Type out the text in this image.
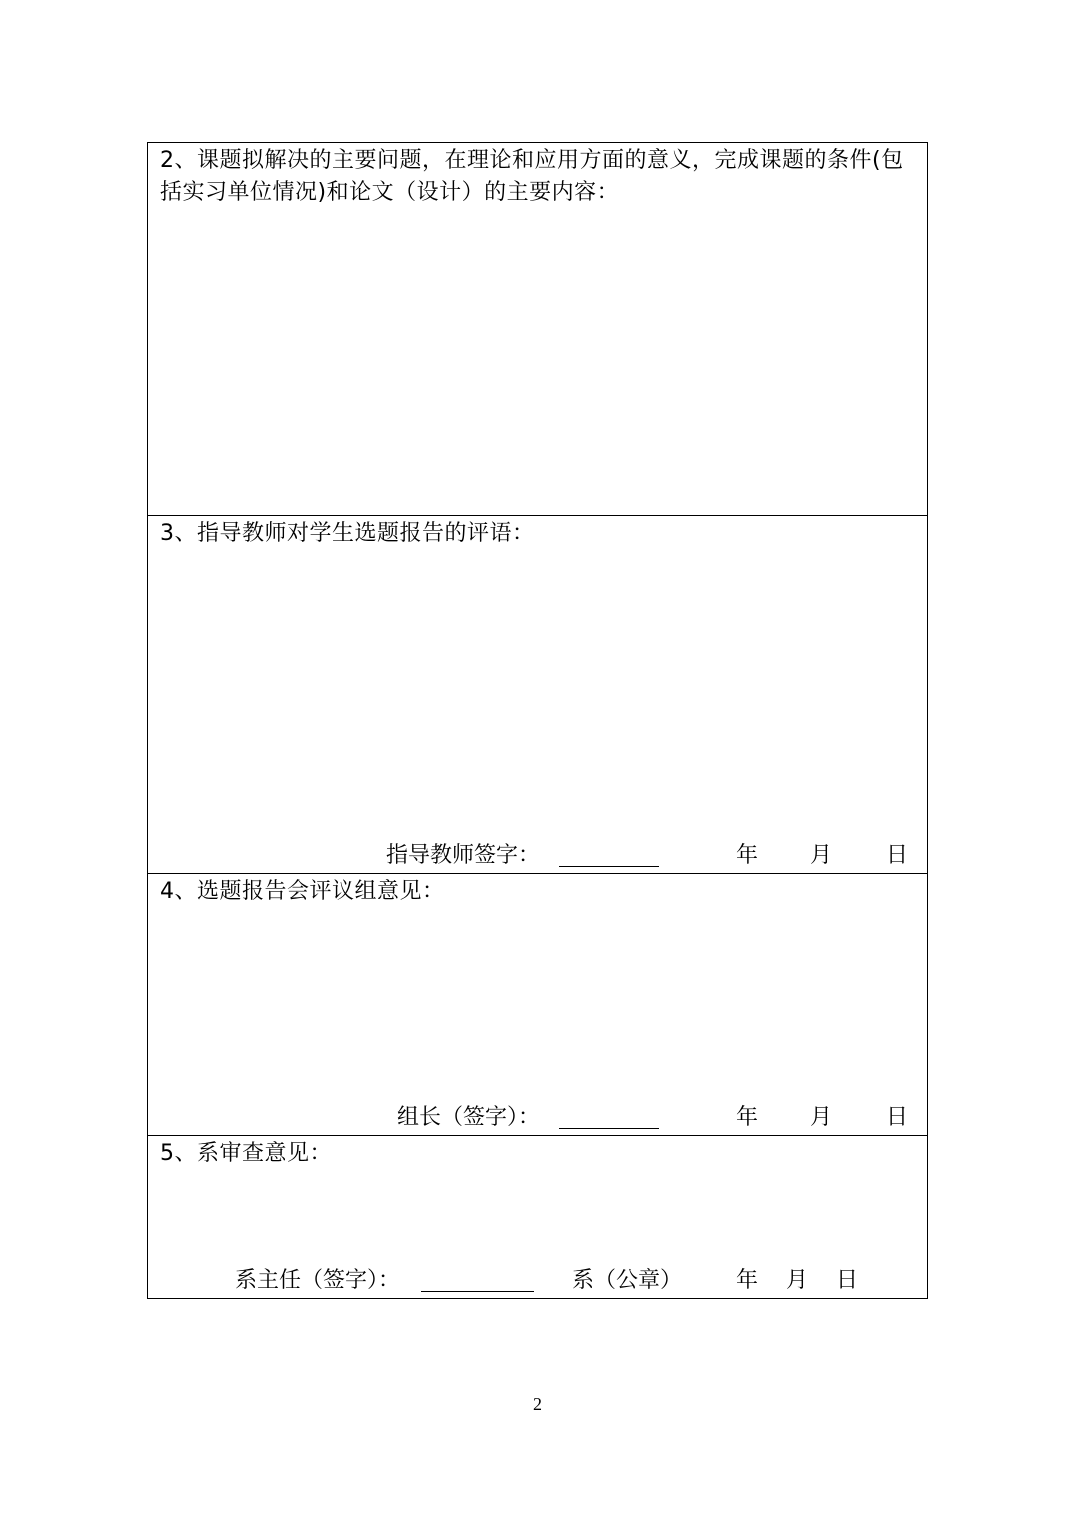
2、课题拟解决的主要问题，在理论和应用方面的意义，完成课题的条件(包括实习单位情况)和论文（设计）的主要内容：

3、指导教师对学生选题报告的评语：

指导教师签字：	年 月 日

4、选题报告会评议组意见：

组长（签字）：	年 月 日

5、系审查意见：

系主任（签字）：	系（公章） 年 月 日
2
